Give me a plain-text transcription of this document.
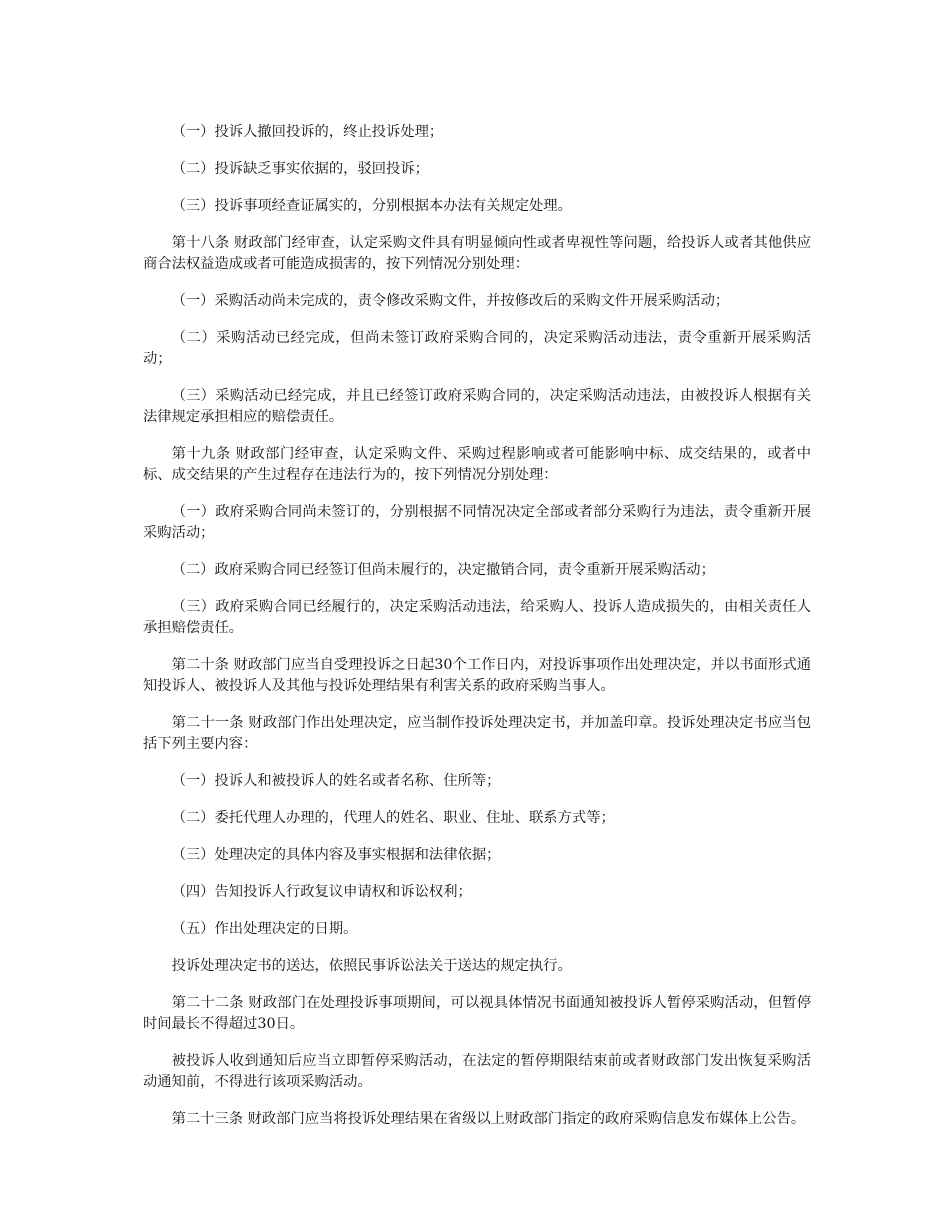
（一）投诉人撤回投诉的，终止投诉处理；

（二）投诉缺乏事实依据的，驳回投诉；

（三）投诉事项经查证属实的，分别根据本办法有关规定处理。

第十八条 财政部门经审查，认定采购文件具有明显倾向性或者卑视性等问题，给投诉人或者其他供应商合法权益造成或者可能造成损害的，按下列情况分别处理：

（一）采购活动尚未完成的，责令修改采购文件，并按修改后的采购文件开展采购活动；

（二）采购活动已经完成，但尚未签订政府采购合同的，决定采购活动违法，责令重新开展采购活动；

（三）采购活动已经完成，并且已经签订政府采购合同的，决定采购活动违法，由被投诉人根据有关法律规定承担相应的赔偿责任。

第十九条 财政部门经审查，认定采购文件、采购过程影响或者可能影响中标、成交结果的，或者中标、成交结果的产生过程存在违法行为的，按下列情况分别处理：

（一）政府采购合同尚未签订的，分别根据不同情况决定全部或者部分采购行为违法，责令重新开展采购活动；

（二）政府采购合同已经签订但尚未履行的，决定撤销合同，责令重新开展采购活动；

（三）政府采购合同已经履行的，决定采购活动违法，给采购人、投诉人造成损失的，由相关责任人承担赔偿责任。

第二十条 财政部门应当自受理投诉之日起30个工作日内，对投诉事项作出处理决定，并以书面形式通知投诉人、被投诉人及其他与投诉处理结果有利害关系的政府采购当事人。

第二十一条 财政部门作出处理决定，应当制作投诉处理决定书，并加盖印章。投诉处理决定书应当包括下列主要内容：

（一）投诉人和被投诉人的姓名或者名称、住所等；

（二）委托代理人办理的，代理人的姓名、职业、住址、联系方式等；

（三）处理决定的具体内容及事实根据和法律依据；

（四）告知投诉人行政复议申请权和诉讼权利；

（五）作出处理决定的日期。

投诉处理决定书的送达，依照民事诉讼法关于送达的规定执行。

第二十二条 财政部门在处理投诉事项期间，可以视具体情况书面通知被投诉人暂停采购活动，但暂停时间最长不得超过30日。

被投诉人收到通知后应当立即暂停采购活动，在法定的暂停期限结束前或者财政部门发出恢复采购活动通知前，不得进行该项采购活动。

第二十三条 财政部门应当将投诉处理结果在省级以上财政部门指定的政府采购信息发布媒体上公告。
